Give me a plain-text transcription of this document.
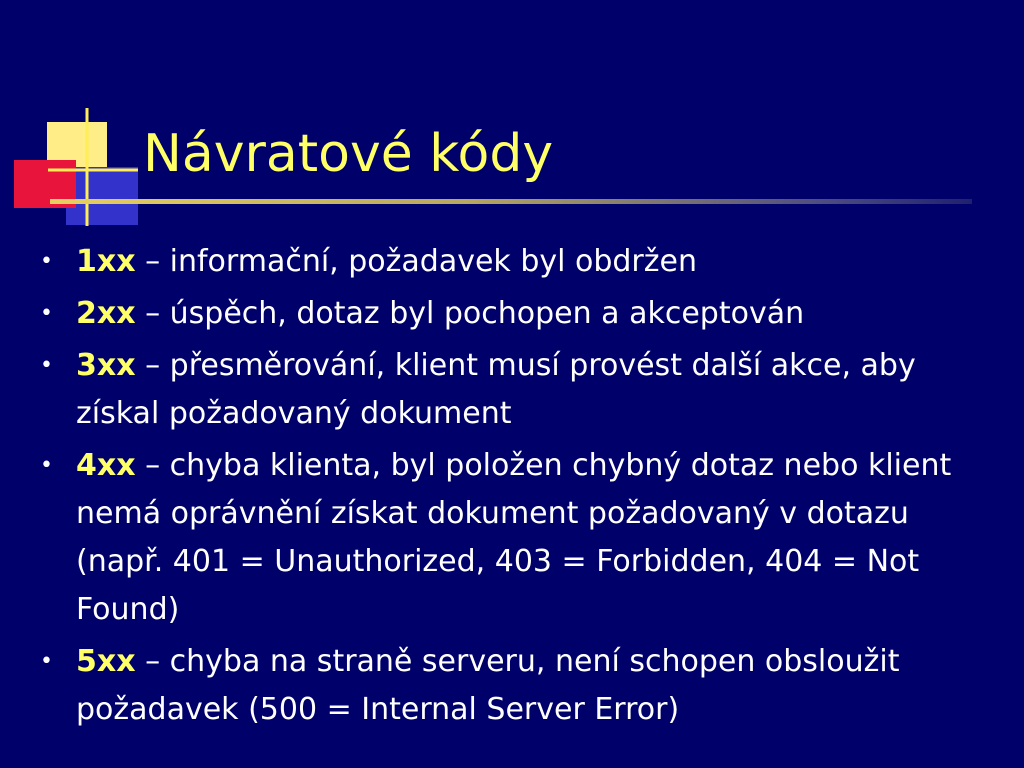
Návratové kódy
• 1xx – informační, požadavek byl obdržen
• 2xx – úspěch, dotaz byl pochopen a akceptován
• 3xx – přesměrování, klient musí provést další akce, aby získal požadovaný dokument
• 4xx – chyba klienta, byl položen chybný dotaz nebo klient nemá oprávnění získat dokument požadovaný v dotazu (např. 401 = Unauthorized, 403 = Forbidden, 404 = Not Found)
• 5xx – chyba na straně serveru, není schopen obsloužit požadavek (500 = Internal Server Error)
